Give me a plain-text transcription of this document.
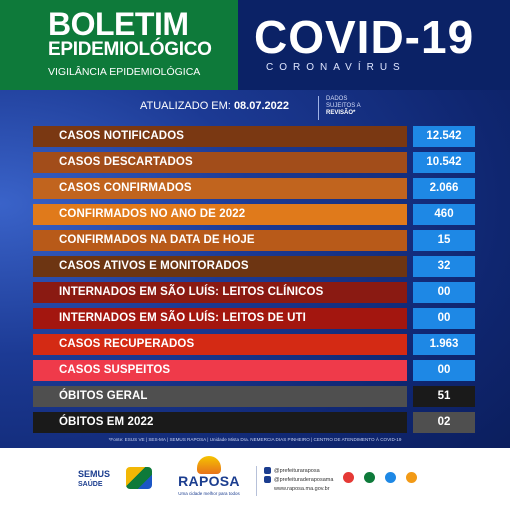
BOLETIM
EPIDEMIOLÓGICO
VIGILÂNCIA EPIDEMIOLÓGICA
COVID-19
CORONAVÍRUS
ATUALIZADO EM: 08.07.2022
DADOS
SUJEITOS A
REVISÃO*
CASOS NOTIFICADOS	12.542
CASOS DESCARTADOS	10.542
CASOS CONFIRMADOS	2.066
CONFIRMADOS NO ANO DE 2022	460
CONFIRMADOS NA DATA DE HOJE	15
CASOS ATIVOS E MONITORADOS	32
INTERNADOS EM SÃO LUÍS: LEITOS CLÍNICOS	00
INTERNADOS EM SÃO LUÍS: LEITOS DE UTI	00
CASOS RECUPERADOS	1.963
CASOS SUSPEITOS	00
ÓBITOS GERAL	51
ÓBITOS EM 2022	02
*Fonte: ESUS VE | SES-MA | SEMUS RAPOSA | Unidade Mista Dra. NEMERCIA DIAS PINHEIRO | CENTRO DE ATENDIMENTO À COVID-19
SEMUS
SAÚDE	RAPOSA
Uma cidade melhor para todos
@prefeituraraposa
@prefeituraderaposama
www.raposa.ma.gov.br
